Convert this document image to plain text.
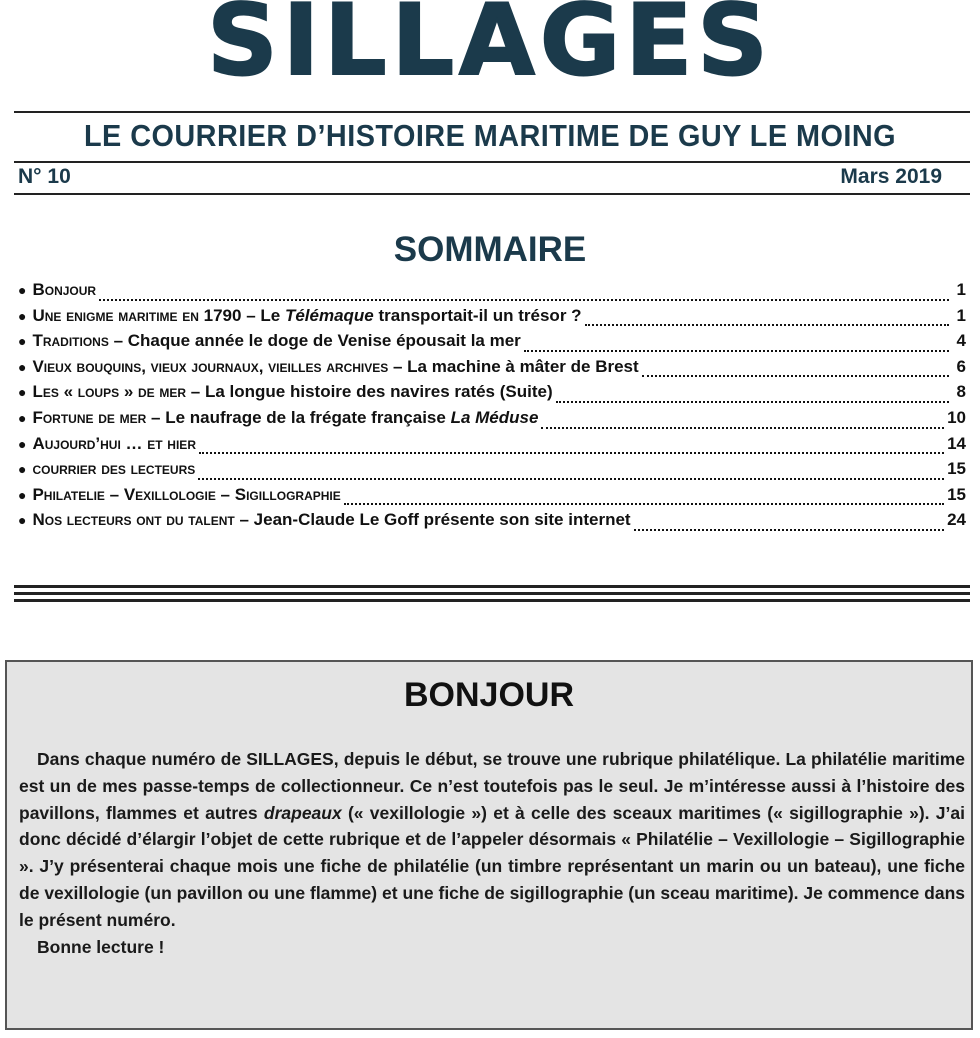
SILLAGES
LE COURRIER D’HISTOIRE MARITIME DE GUY LE MOING
N° 10	Mars 2019
SOMMAIRE
● Bonjour	1
● Une enigme maritime en 1790 – Le Télémaque transportait-il un trésor ?	1
● Traditions – Chaque année le doge de Venise épousait la mer	4
● Vieux bouquins, vieux journaux, vieilles archives – La machine à mâter de Brest	6
● Les « loups » de mer – La longue histoire des navires ratés (Suite)	8
● Fortune de mer – Le naufrage de la frégate française La Méduse	10
● Aujourd’hui … et hier	14
● courrier des lecteurs	15
● Philatelie – Vexillologie – Sigillographie	15
● Nos lecteurs ont du talent – Jean-Claude Le Goff présente son site internet	24
BONJOUR

Dans chaque numéro de SILLAGES, depuis le début, se trouve une rubrique philatélique. La philatélie maritime est un de mes passe-temps de collectionneur. Ce n’est toutefois pas le seul. Je m’intéresse aussi à l’histoire des pavillons, flammes et autres drapeaux (« vexillologie ») et à celle des sceaux maritimes (« sigillographie »). J’ai donc décidé d’élargir l’objet de cette rubrique et de l’appeler désormais « Philatélie – Vexillologie – Sigillographie ». J’y présenterai chaque mois une fiche de philatélie (un timbre représentant un marin ou un bateau), une fiche de vexillologie (un pavillon ou une flamme) et une fiche de sigillographie (un sceau maritime). Je commence dans le présent numéro.

Bonne lecture !
